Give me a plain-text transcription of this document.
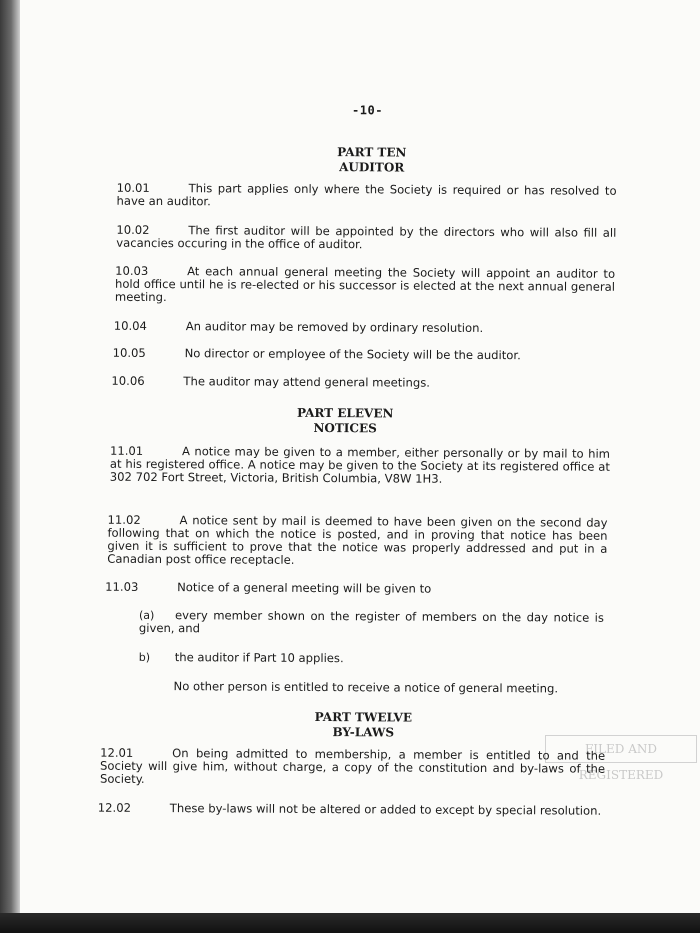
FILED AND REGISTERED
-10-
PART TEN
AUDITOR
10.01	This part applies only where the Society is required or has resolved to have an auditor.
10.02	The first auditor will be appointed by the directors who will also fill all vacancies occuring in the office of auditor.
10.03	At each annual general meeting the Society will appoint an auditor to hold office until he is re-elected or his successor is elected at the next annual general meeting.
10.04	An auditor may be removed by ordinary resolution.
10.05	No director or employee of the Society will be the auditor.
10.06	The auditor may attend general meetings.
PART ELEVEN
NOTICES
11.01	A notice may be given to a member, either personally or by mail to him at his registered office. A notice may be given to the Society at its registered office at 302 702 Fort Street, Victoria, British Columbia, V8W 1H3.
11.02	A notice sent by mail is deemed to have been given on the second day following that on which the notice is posted, and in proving that notice has been given it is sufficient to prove that the notice was properly addressed and put in a Canadian post office receptacle.
11.03	Notice of a general meeting will be given to
(a) every member shown on the register of members on the day notice is given, and
b) the auditor if Part 10 applies.
No other person is entitled to receive a notice of general meeting.
PART TWELVE
BY-LAWS
12.01	On being admitted to membership, a member is entitled to and the Society will give him, without charge, a copy of the constitution and by-laws of the Society.
12.02	These by-laws will not be altered or added to except by special resolution.
